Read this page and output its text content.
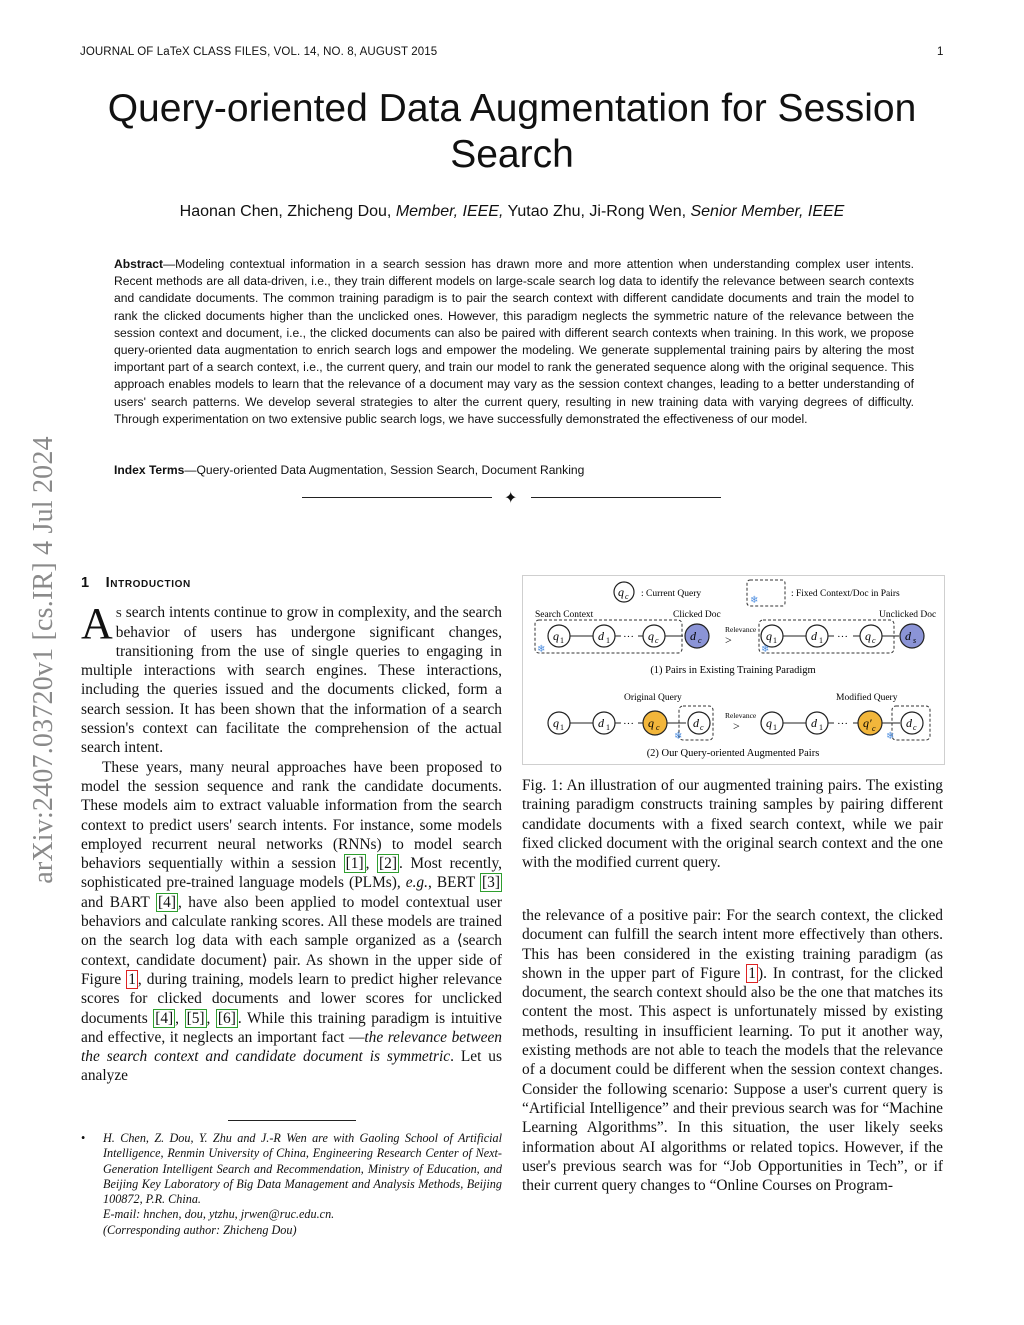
JOURNAL OF LaTeX CLASS FILES, VOL. 14, NO. 8, AUGUST 2015	1
Query-oriented Data Augmentation for Session Search
Haonan Chen, Zhicheng Dou, Member, IEEE, Yutao Zhu, Ji-Rong Wen, Senior Member, IEEE

Abstract—Modeling contextual information in a search session has drawn more and more attention when understanding complex user intents. Recent methods are all data-driven, i.e., they train different models on large-scale search log data to identify the relevance between search contexts and candidate documents. The common training paradigm is to pair the search context with different candidate documents and train the model to rank the clicked documents higher than the unclicked ones. However, this paradigm neglects the symmetric nature of the relevance between the session context and document, i.e., the clicked documents can also be paired with different search contexts when training. In this work, we propose query-oriented data augmentation to enrich search logs and empower the modeling. We generate supplemental training pairs by altering the most important part of a search context, i.e., the current query, and train our model to rank the generated sequence along with the original sequence. This approach enables models to learn that the relevance of a document may vary as the session context changes, leading to a better understanding of users' search patterns. We develop several strategies to alter the current query, resulting in new training data with varying degrees of difficulty. Through experimentation on two extensive public search logs, we have successfully demonstrated the effectiveness of our model.

Index Terms—Query-oriented Data Augmentation, Session Search, Document Ranking
✦
arXiv:2407.03720v1 [cs.IR] 4 Jul 2024 1 Introduction

As search intents continue to grow in complexity, and the search behavior of users has undergone significant changes, transitioning from the use of single queries to engaging in multiple interactions with search engines. These interactions, including the queries issued and the documents clicked, form a search session. It has been shown that the information of a search session's context can facilitate the comprehension of the actual search intent.

These years, many neural approaches have been proposed to model the session sequence and rank the candidate documents. These models aim to extract valuable information from the search context to predict users' search intents. For instance, some models employed recurrent neural networks (RNNs) to model search behaviors sequentially within a session [1] , [2] . Most recently, sophisticated pre-trained language models (PLMs), e.g., BERT [3] and BART [4] , have also been applied to model contextual user behaviors and calculate ranking scores. All these models are trained on the search log data with each sample organized as a ⟨search context, candidate document⟩ pair. As shown in the upper side of Figure 1 , during training, models learn to predict higher relevance scores for clicked documents and lower scores for unclicked documents [4] , [5] , [6] . While this training paradigm is intuitive and effective, it neglects an important fact —the relevance between the search context and candidate document is symmetric. Let us analyze

• H. Chen, Z. Dou, Y. Zhu and J.-R Wen are with Gaoling School of Artificial Intelligence, Renmin University of China, Engineering Research Center of Next-Generation Intelligent Search and Recommendation, Ministry of Education, and Beijing Key Laboratory of Big Data Management and Analysis Methods, Beijing 100872, P.R. China.
E-mail: hnchen, dou, ytzhu, jrwen@ruc.edu.cn.
(Corresponding author: Zhicheng Dou)
q c : Current Query
❄
: Fixed Context/Doc in Pairs
Search Context	Clicked Doc	Unclicked Doc
❄
q 1	d 1 ··· q c	d c
Relevance
>	q 1	d 1 ··· q c d s
❄
(1) Pairs in Existing Training Paradigm
Original Query	Modified Query
q 1	d 1 ··· q c	d c
❄
Relevance
> q 1	d 1 ··· q′ c	d c
❄
(2) Our Query-oriented Augmented Pairs
Fig. 1: An illustration of our augmented training pairs. The existing training paradigm constructs training samples by pairing different candidate documents with a fixed search context, while we pair fixed clicked document with the original search context and the one with the modified current query.

the relevance of a positive pair: For the search context, the clicked document can fulfill the search intent more effectively than others. This has been considered in the existing training paradigm (as shown in the upper part of Figure 1 ). In contrast, for the clicked document, the search context should also be the one that matches its content the most. This aspect is unfortunately missed by existing methods, resulting in insufficient learning. To put it another way, existing methods are not able to teach the models that the relevance of a document could be different when the session context changes. Consider the following scenario: Suppose a user's current query is “Artificial Intelligence” and their previous search was for “Machine Learning Algorithms”. In this situation, the user likely seeks information about AI algorithms or related topics. However, if the user's previous search was for “Job Opportunities in Tech”, or if their current query changes to “Online Courses on Program-
